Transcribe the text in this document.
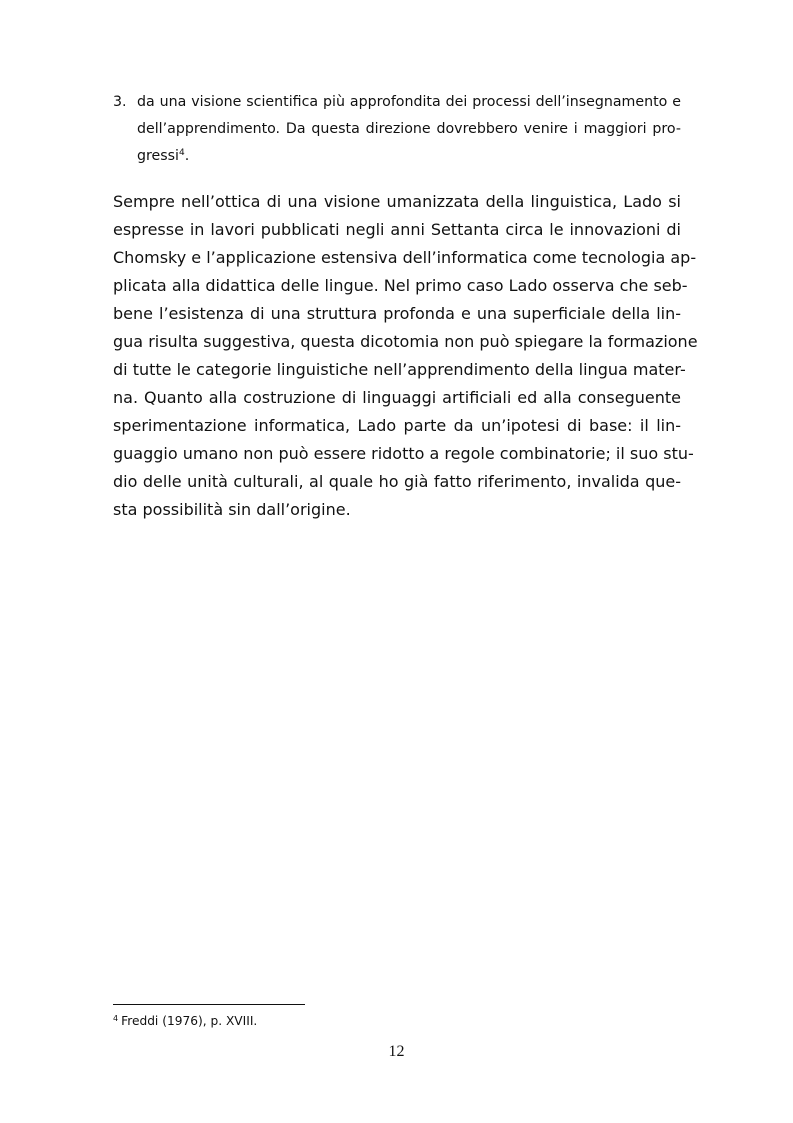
3. da una visione scientifica più approfondita dei processi dell’insegnamento e
dell’apprendimento. Da questa direzione dovrebbero venire i maggiori pro-
gressi$^4$.
Sempre nell’ottica di una visione umanizzata della linguistica, Lado si
espresse in lavori pubblicati negli anni Settanta circa le innovazioni di
Chomsky e l’applicazione estensiva dell’informatica come tecnologia ap-
plicata alla didattica delle lingue. Nel primo caso Lado osserva che seb-
bene l’esistenza di una struttura profonda e una superficiale della lin-
gua risulta suggestiva, questa dicotomia non può spiegare la formazione
di tutte le categorie linguistiche nell’apprendimento della lingua mater-
na. Quanto alla costruzione di linguaggi artificiali ed alla conseguente
sperimentazione informatica, Lado parte da un’ipotesi di base: il lin-
guaggio umano non può essere ridotto a regole combinatorie; il suo stu-
dio delle unità culturali, al quale ho già fatto riferimento, invalida que-
sta possibilità sin dall’origine.
$^4$ Freddi (1976), p. XVIII.
12
